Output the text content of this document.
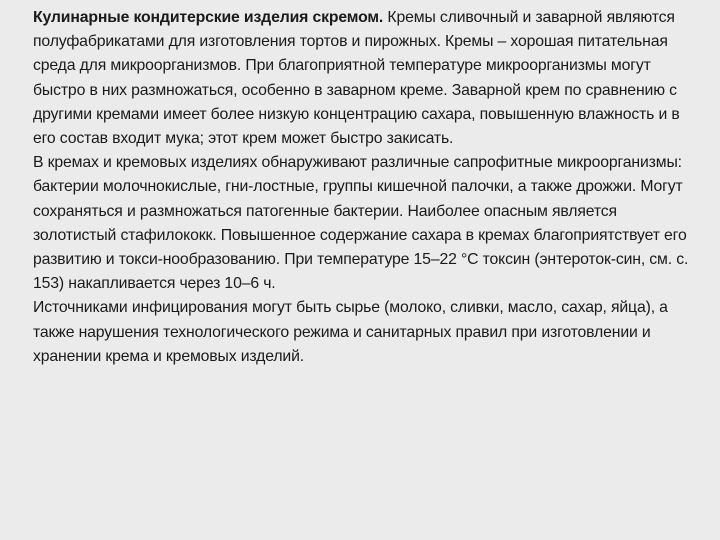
Кулинарные кондитерские изделия скремом. Кремы сливочный и заварной являются полуфабрикатами для изготовления тортов и пирожных. Кремы – хорошая питательная среда для микроорганизмов. При благоприятной температуре микроорганизмы могут быстро в них размножаться, особенно в заварном креме. Заварной крем по сравнению с другими кремами имеет более низкую концентрацию сахара, повышенную влажность и в его состав входит мука; этот крем может быстро закисать.

В кремах и кремовых изделиях обнаруживают различные сапрофитные микроорганизмы: бактерии молочнокислые, гни-лостные, группы кишечной палочки, а также дрожжи. Могут сохраняться и размножаться патогенные бактерии. Наиболее опасным является золотистый стафилококк. Повышенное содержание сахара в кремах благоприятствует его развитию и токси-нообразованию. При температуре 15–22 °С токсин (энтероток-син, см. с. 153) накапливается через 10–6 ч.

Источниками инфицирования могут быть сырье (молоко, сливки, масло, сахар, яйца), а также нарушения технологического режима и санитарных правил при изготовлении и хранении крема и кремовых изделий.
